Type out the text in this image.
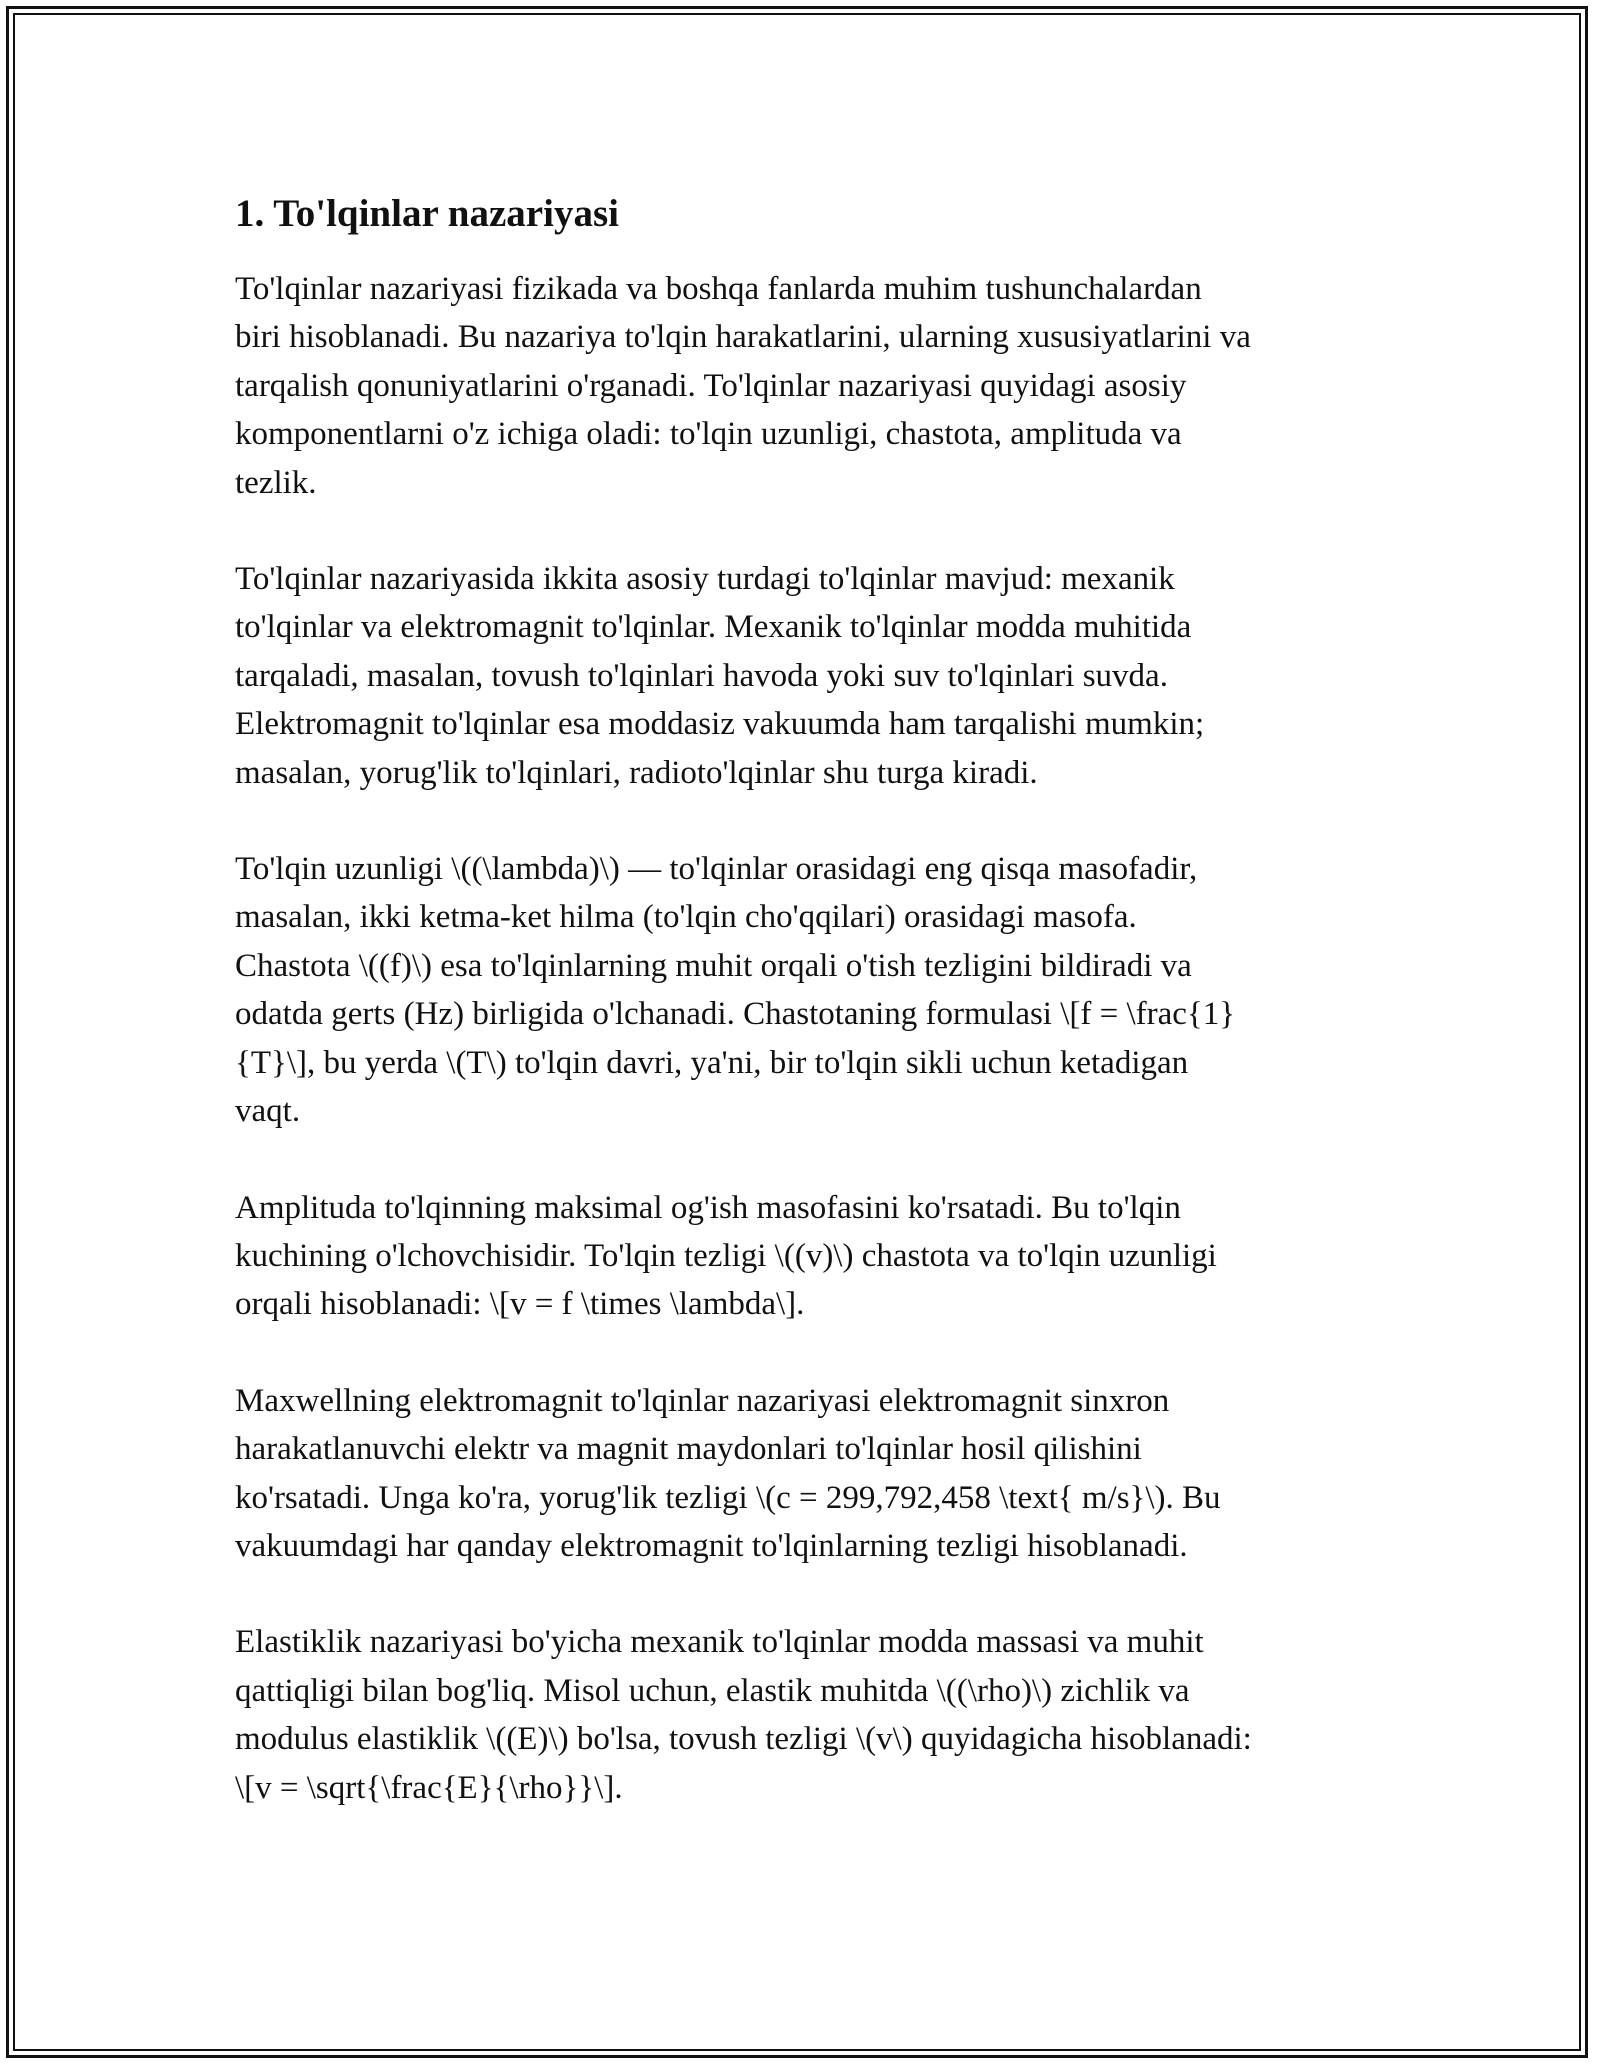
1. To'lqinlar nazariyasi
To'lqinlar nazariyasi fizikada va boshqa fanlarda muhim tushunchalardan
biri hisoblanadi. Bu nazariya to'lqin harakatlarini, ularning xususiyatlarini va
tarqalish qonuniyatlarini o'rganadi. To'lqinlar nazariyasi quyidagi asosiy
komponentlarni o'z ichiga oladi: to'lqin uzunligi, chastota, amplituda va
tezlik.
To'lqinlar nazariyasida ikkita asosiy turdagi to'lqinlar mavjud: mexanik
to'lqinlar va elektromagnit to'lqinlar. Mexanik to'lqinlar modda muhitida
tarqaladi, masalan, tovush to'lqinlari havoda yoki suv to'lqinlari suvda.
Elektromagnit to'lqinlar esa moddasiz vakuumda ham tarqalishi mumkin;
masalan, yorug'lik to'lqinlari, radioto'lqinlar shu turga kiradi.
To'lqin uzunligi \((\lambda)\) — to'lqinlar orasidagi eng qisqa masofadir,
masalan, ikki ketma-ket hilma (to'lqin cho'qqilari) orasidagi masofa.
Chastota \((f)\) esa to'lqinlarning muhit orqali o'tish tezligini bildiradi va
odatda gerts (Hz) birligida o'lchanadi. Chastotaning formulasi \[f = \frac{1}
{T}\], bu yerda \(T\) to'lqin davri, ya'ni, bir to'lqin sikli uchun ketadigan
vaqt.
Amplituda to'lqinning maksimal og'ish masofasini ko'rsatadi. Bu to'lqin
kuchining o'lchovchisidir. To'lqin tezligi \((v)\) chastota va to'lqin uzunligi
orqali hisoblanadi: \[v = f \times \lambda\].
Maxwellning elektromagnit to'lqinlar nazariyasi elektromagnit sinxron
harakatlanuvchi elektr va magnit maydonlari to'lqinlar hosil qilishini
ko'rsatadi. Unga ko'ra, yorug'lik tezligi \(c = 299,792,458 \text{ m/s}\). Bu
vakuumdagi har qanday elektromagnit to'lqinlarning tezligi hisoblanadi.
Elastiklik nazariyasi bo'yicha mexanik to'lqinlar modda massasi va muhit
qattiqligi bilan bog'liq. Misol uchun, elastik muhitda \((\rho)\) zichlik va
modulus elastiklik \((E)\) bo'lsa, tovush tezligi \(v\) quyidagicha hisoblanadi:
\[v = \sqrt{\frac{E}{\rho}}\].
